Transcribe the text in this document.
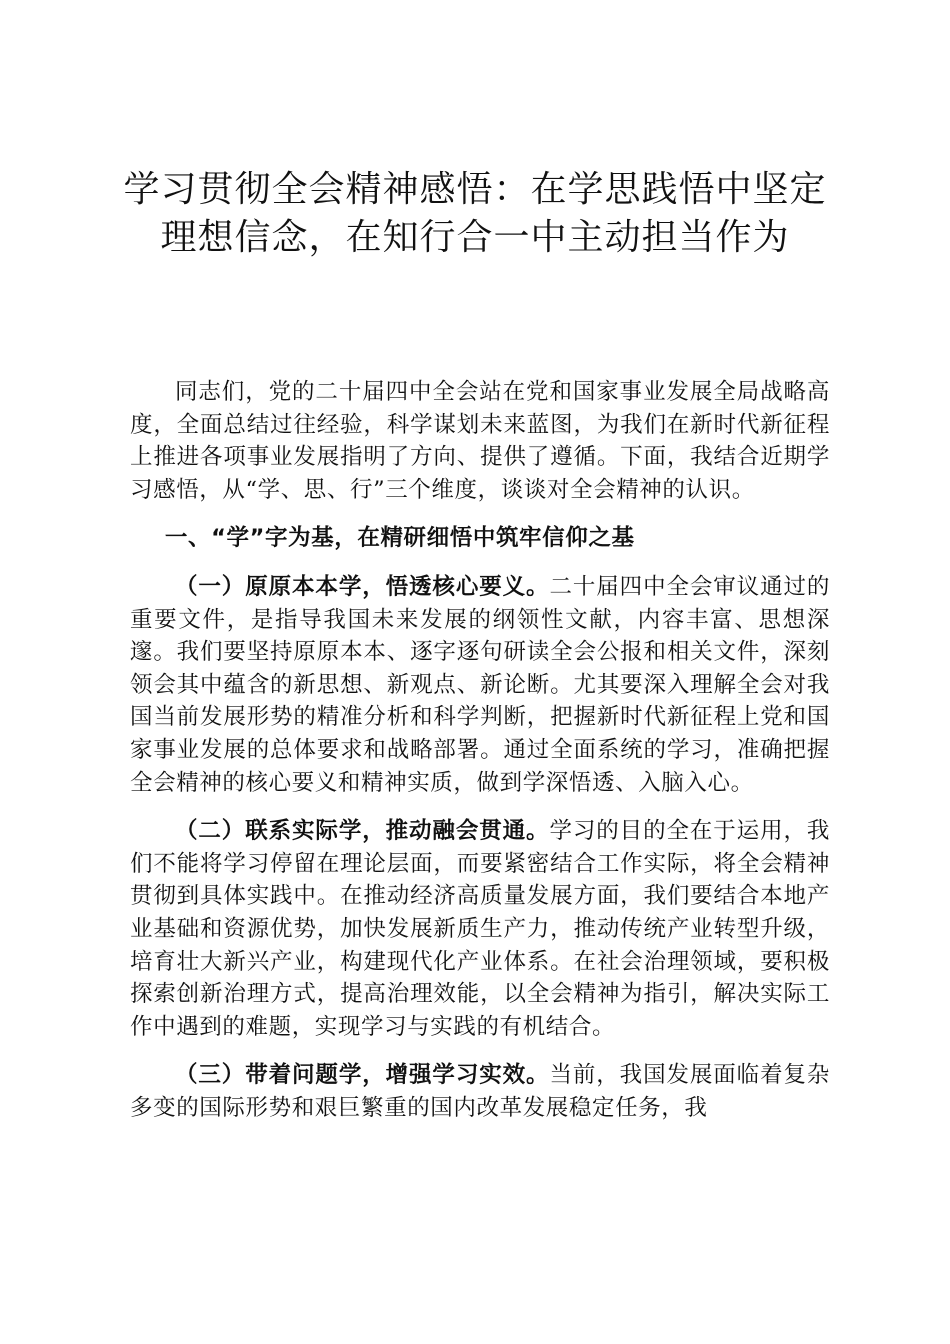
学习贯彻全会精神感悟：在学思践悟中坚定理想信念，在知行合一中主动担当作为

同志们，党的二十届四中全会站在党和国家事业发展全局战略高度，全面总结过往经验，科学谋划未来蓝图，为我们在新时代新征程上推进各项事业发展指明了方向、提供了遵循。下面，我结合近期学习感悟，从“学、思、行”三个维度，谈谈对全会精神的认识。

一、“学”字为基，在精研细悟中筑牢信仰之基

（一）原原本本学，悟透核心要义。二十届四中全会审议通过的重要文件，是指导我国未来发展的纲领性文献，内容丰富、思想深邃。我们要坚持原原本本、逐字逐句研读全会公报和相关文件，深刻领会其中蕴含的新思想、新观点、新论断。尤其要深入理解全会对我国当前发展形势的精准分析和科学判断，把握新时代新征程上党和国家事业发展的总体要求和战略部署。通过全面系统的学习，准确把握全会精神的核心要义和精神实质，做到学深悟透、入脑入心。

（二）联系实际学，推动融会贯通。学习的目的全在于运用，我们不能将学习停留在理论层面，而要紧密结合工作实际，将全会精神贯彻到具体实践中。在推动经济高质量发展方面，我们要结合本地产业基础和资源优势，加快发展新质生产力，推动传统产业转型升级，培育壮大新兴产业，构建现代化产业体系。在社会治理领域，要积极探索创新治理方式，提高治理效能，以全会精神为指引，解决实际工作中遇到的难题，实现学习与实践的有机结合。

（三）带着问题学，增强学习实效。当前，我国发展面临着复杂多变的国际形势和艰巨繁重的国内改革发展稳定任务，我
